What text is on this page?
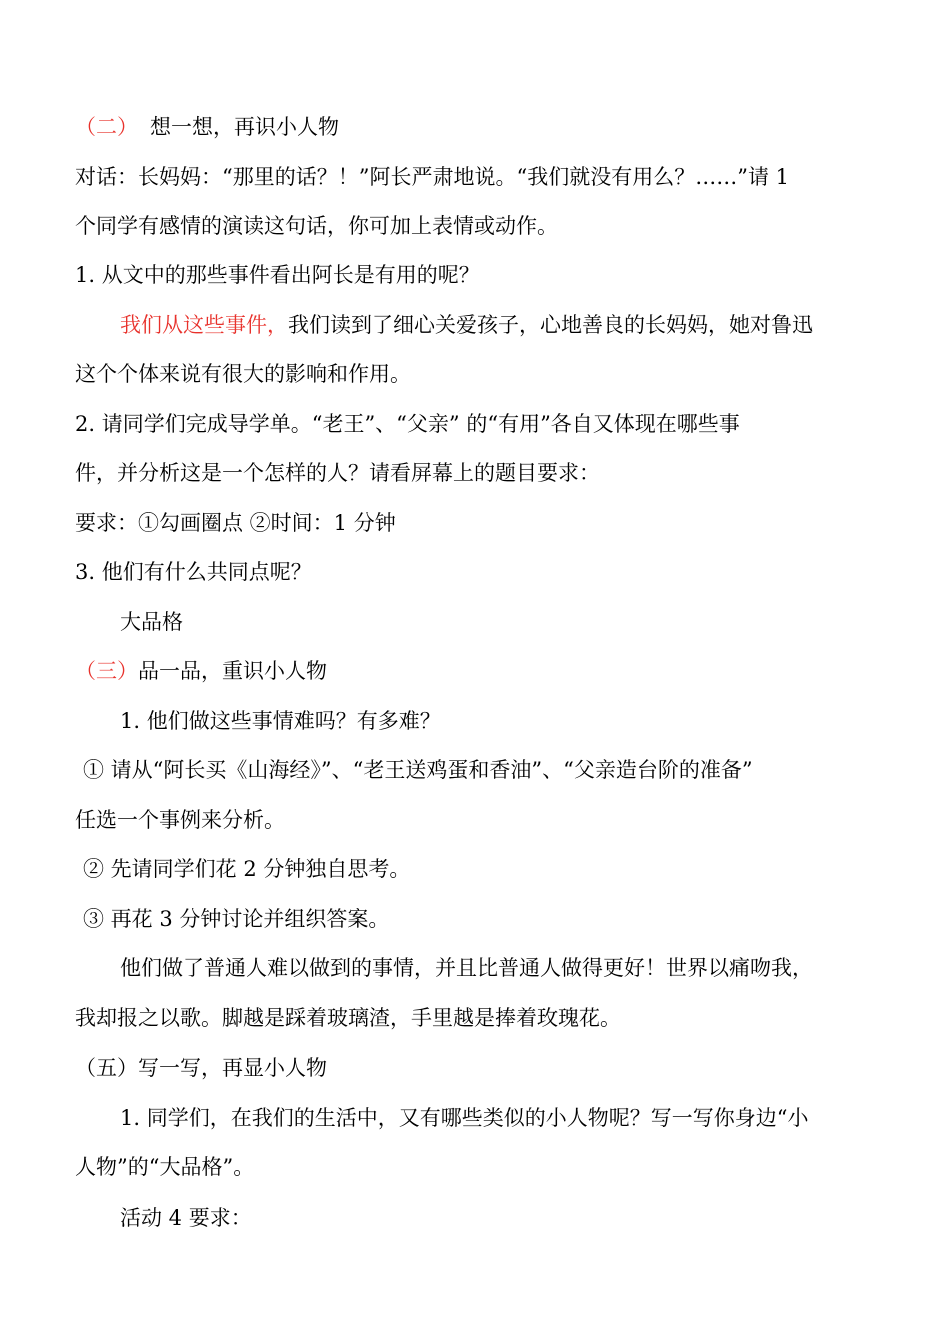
（二） 想一想，再识小人物
对话：长妈妈：“那里的话？！”阿长严肃地说。“我们就没有用么？……”请 1
个同学有感情的演读这句话，你可加上表情或动作。
1. 从文中的那些事件看出阿长是有用的呢？
我们从这些事件，我们读到了细心关爱孩子，心地善良的长妈妈，她对鲁迅
这个个体来说有很大的影响和作用。
2. 请同学们完成导学单。“老王”、“父亲” 的“有用”各自又体现在哪些事
件，并分析这是一个怎样的人？请看屏幕上的题目要求：
要求：①勾画圈点 ②时间：1 分钟
3. 他们有什么共同点呢？
大品格
（三）品一品，重识小人物
1. 他们做这些事情难吗？有多难？
① 请从“阿长买《山海经》”、“老王送鸡蛋和香油”、“父亲造台阶的准备”
任选一个事例来分析。
② 先请同学们花 2 分钟独自思考。
③ 再花 3 分钟讨论并组织答案。
他们做了普通人难以做到的事情，并且比普通人做得更好！世界以痛吻我，
我却报之以歌。脚越是踩着玻璃渣，手里越是捧着玫瑰花。
（五）写一写，再显小人物
1. 同学们，在我们的生活中，又有哪些类似的小人物呢？写一写你身边“小
人物”的“大品格”。
活动 4 要求：
